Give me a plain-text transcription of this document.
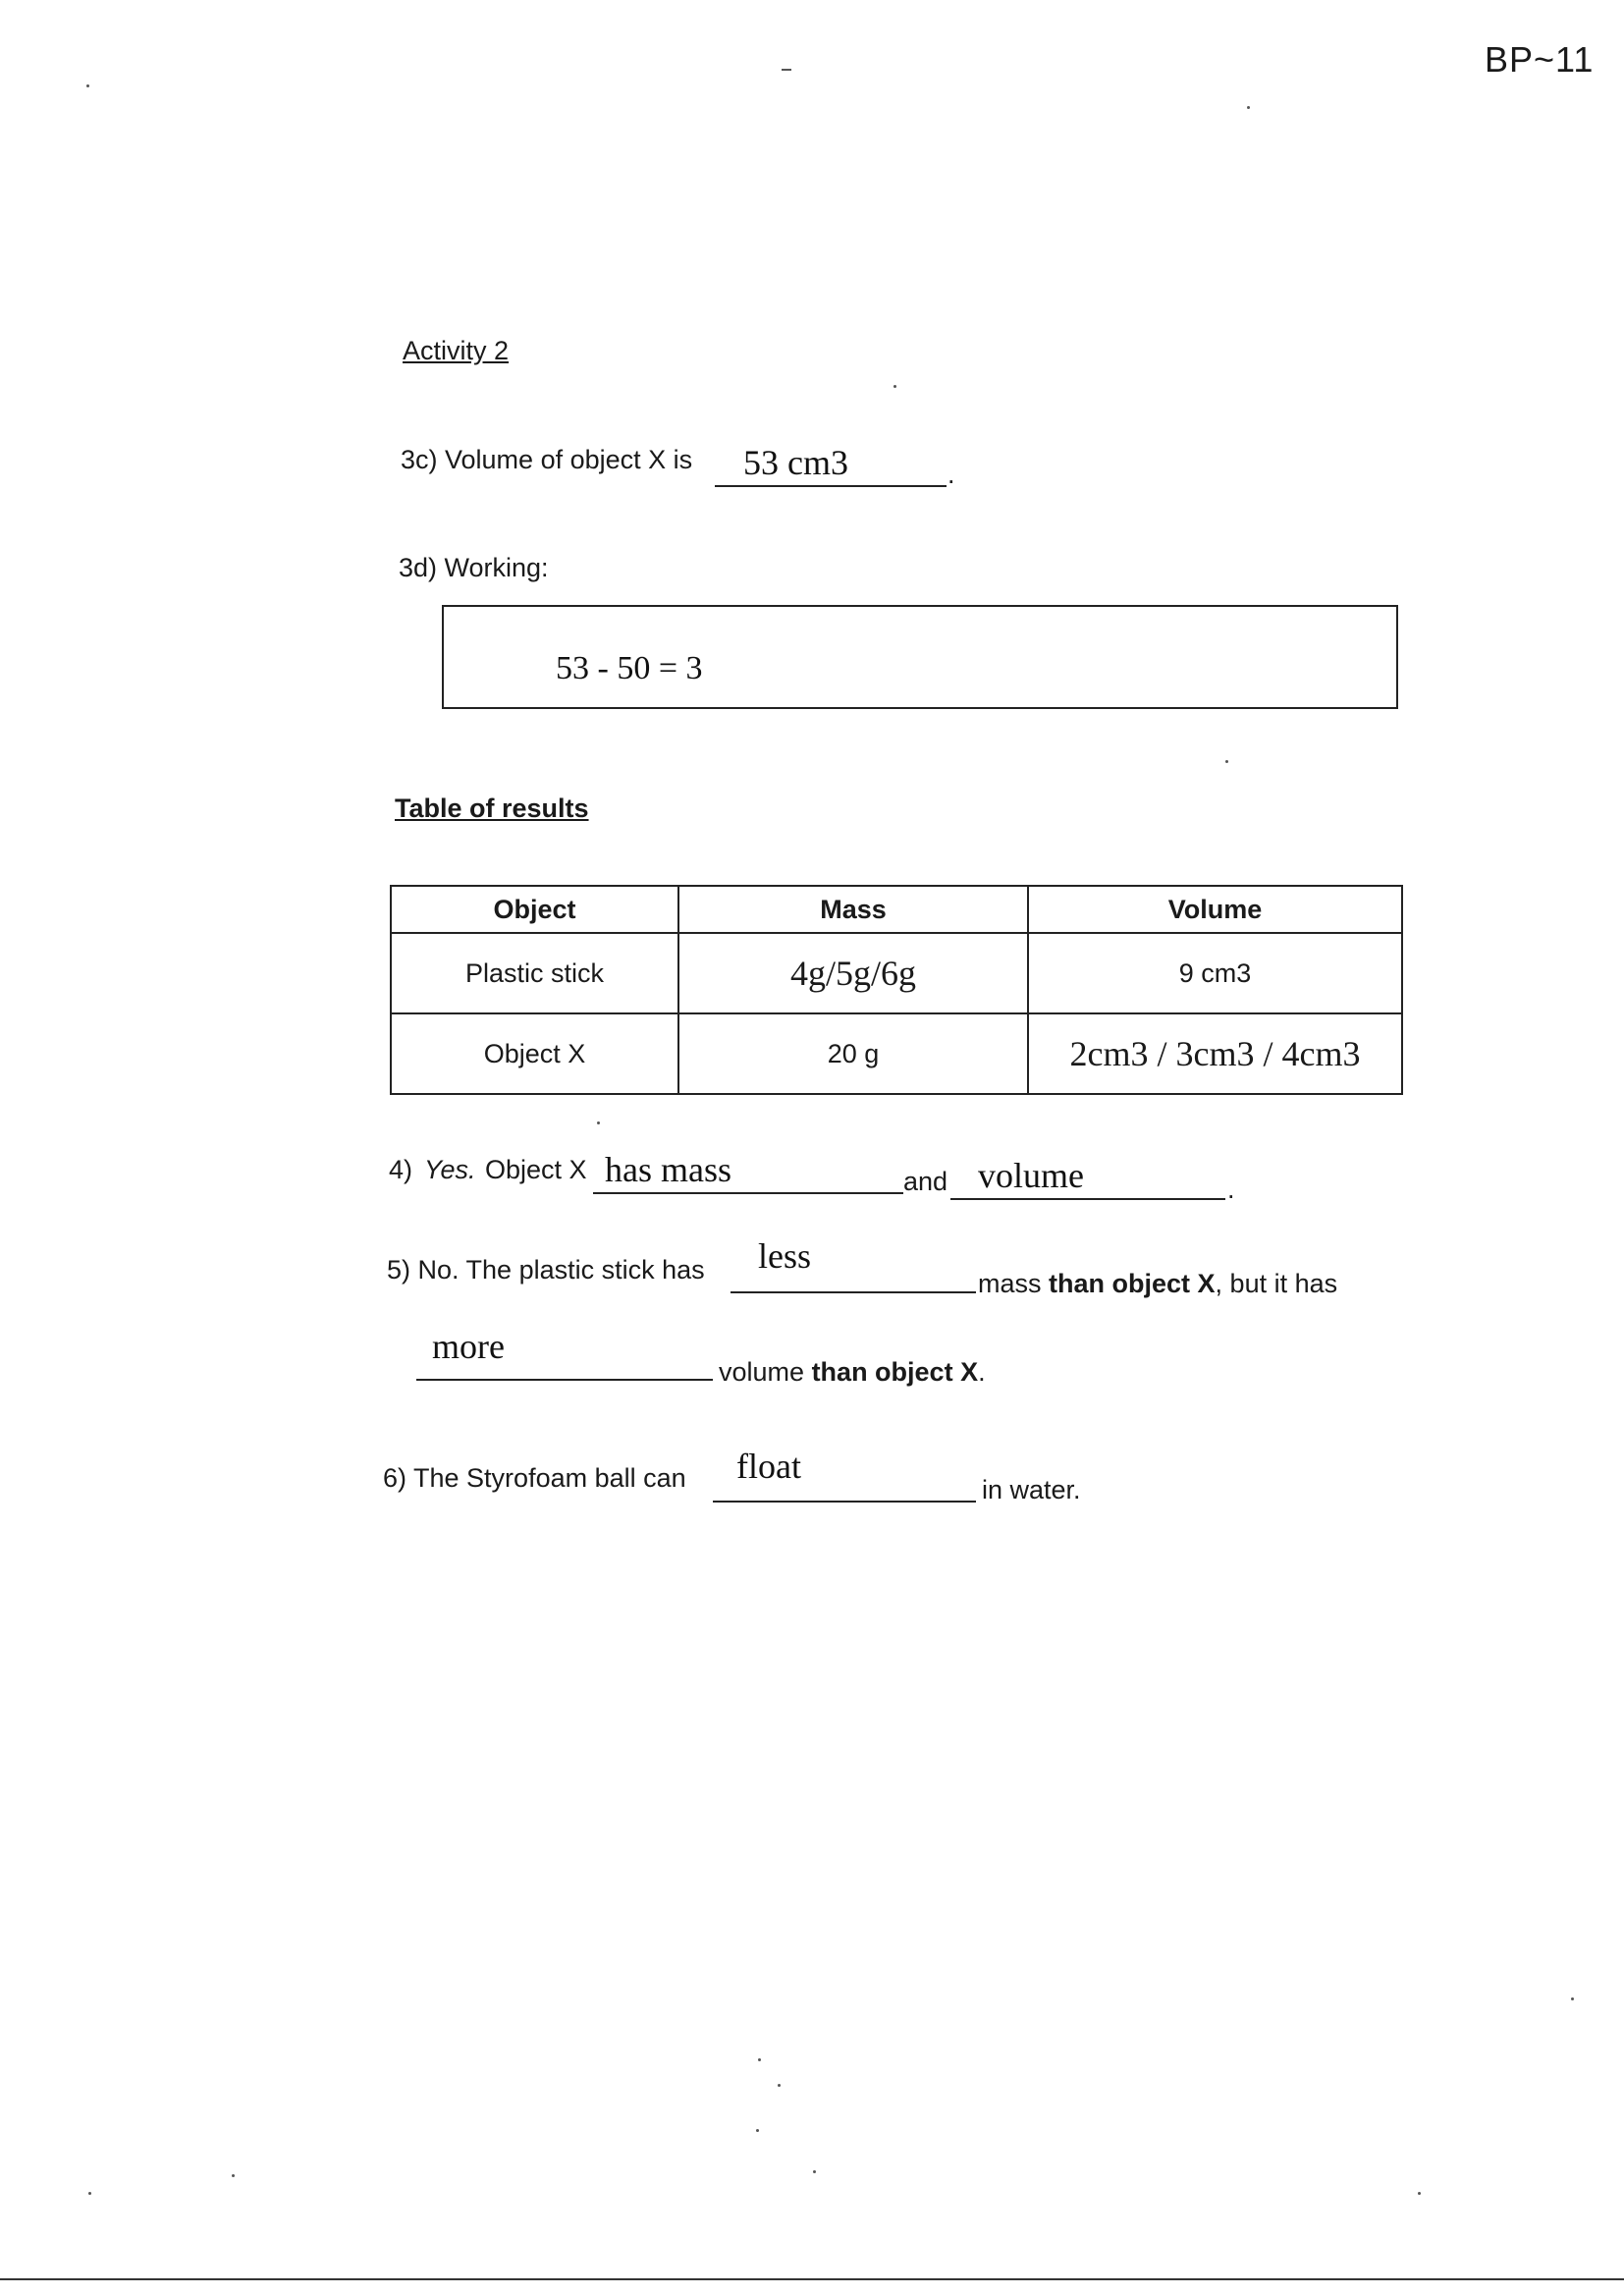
BP~11
Activity 2
3c) Volume of object X is 53 cm3	.
3d) Working:
53 - 50 = 3
Table of results
Object	Mass	Volume
Plastic stick	4g/5g/6g	9 cm3
Object X	20 g	2cm3 / 3cm3 / 4cm3
4) Yes. Object X has mass	and volume	.
5) No. The plastic stick has less
mass than object X, but it has
more
volume than object X.
6) The Styrofoam ball can float
in water.
